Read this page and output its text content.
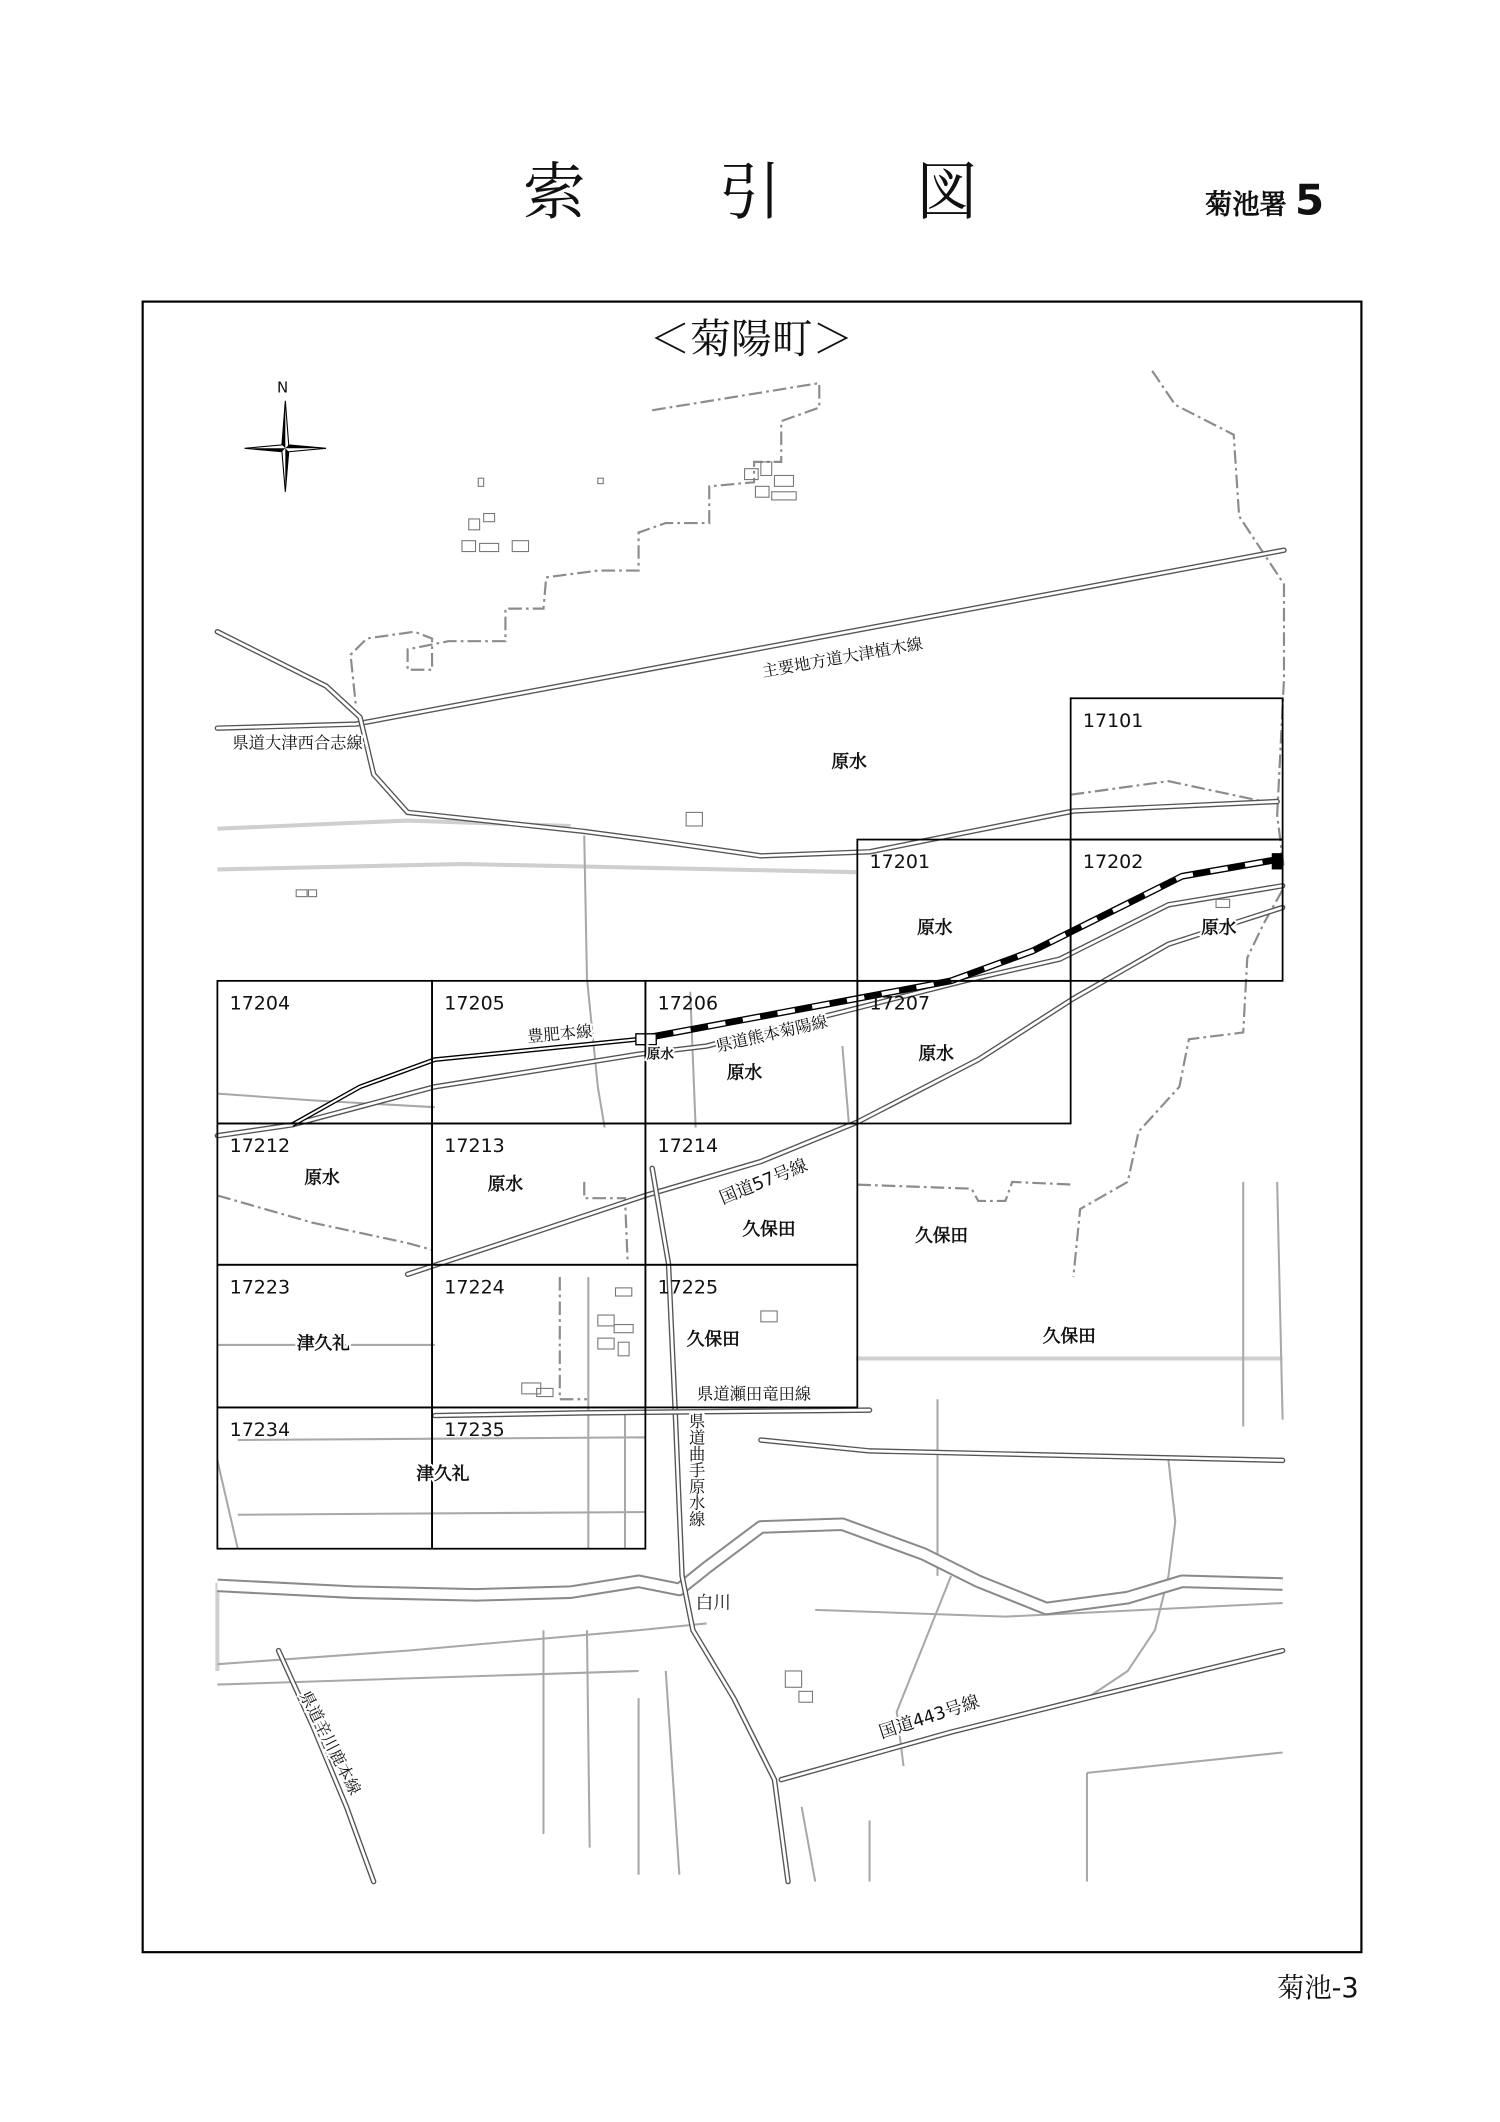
索	引	図	菊池署 5
＜菊陽町＞
N
17101
17201	17202
17204	17205	17206	17207
17212	17213	17214
17223	17224	17225
17234	17235
原水
原水	原水
原水
原水
原水
原水	原水
久保田	久保田
久保田	久保田
津久礼
津久礼
白川
主要地方道大津植木線
県道大津西合志線
豊肥本線	県道熊本菊陽線
国道57号線
県道瀬田竜田線
県道曲手原水線
県道辛川鹿本線	国道443号線
菊池-3
